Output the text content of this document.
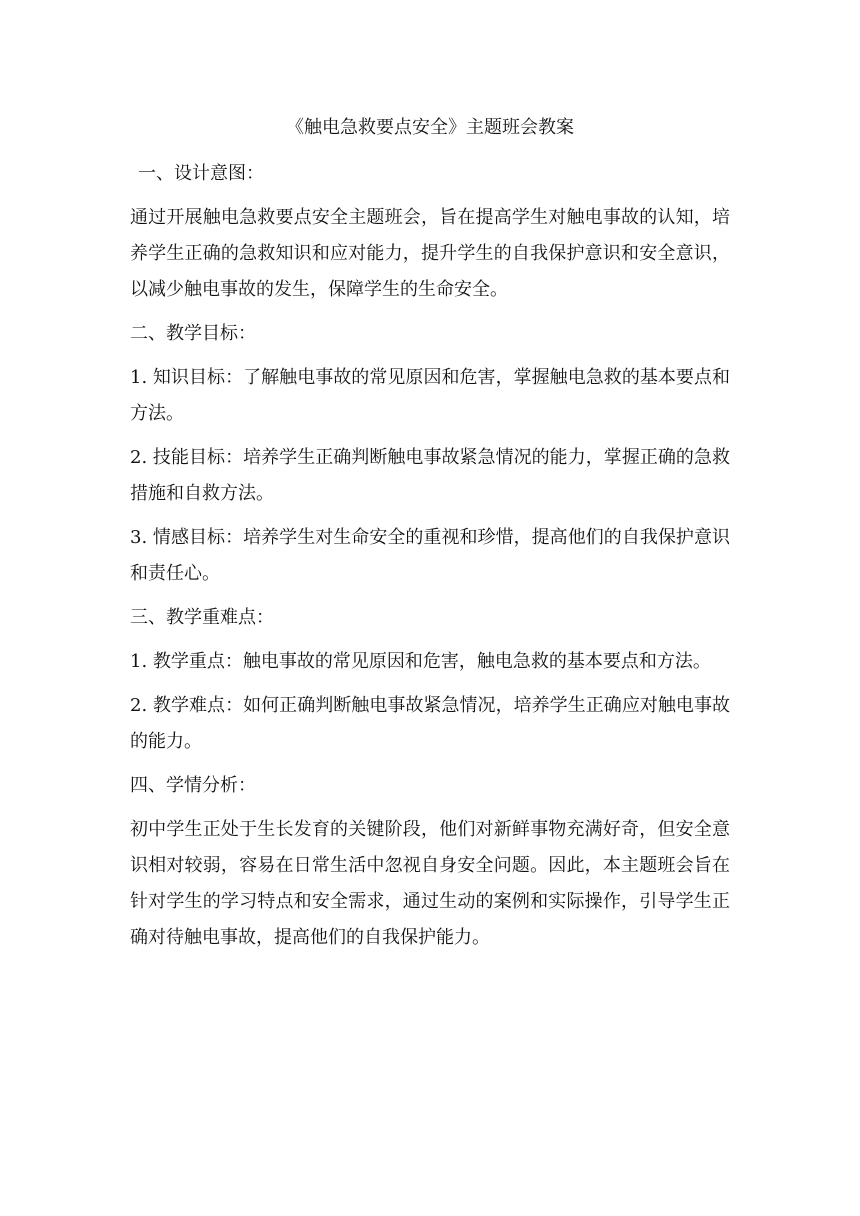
《触电急救要点安全》主题班会教案

一、设计意图：

通过开展触电急救要点安全主题班会，旨在提高学生对触电事故的认知，培养学生正确的急救知识和应对能力，提升学生的自我保护意识和安全意识，以减少触电事故的发生，保障学生的生命安全。

二、教学目标：

1. 知识目标：了解触电事故的常见原因和危害，掌握触电急救的基本要点和方法。

2. 技能目标：培养学生正确判断触电事故紧急情况的能力，掌握正确的急救措施和自救方法。

3. 情感目标：培养学生对生命安全的重视和珍惜，提高他们的自我保护意识和责任心。

三、教学重难点：

1. 教学重点：触电事故的常见原因和危害，触电急救的基本要点和方法。

2. 教学难点：如何正确判断触电事故紧急情况，培养学生正确应对触电事故的能力。

四、学情分析：

初中学生正处于生长发育的关键阶段，他们对新鲜事物充满好奇，但安全意识相对较弱，容易在日常生活中忽视自身安全问题。因此，本主题班会旨在针对学生的学习特点和安全需求，通过生动的案例和实际操作，引导学生正确对待触电事故，提高他们的自我保护能力。
